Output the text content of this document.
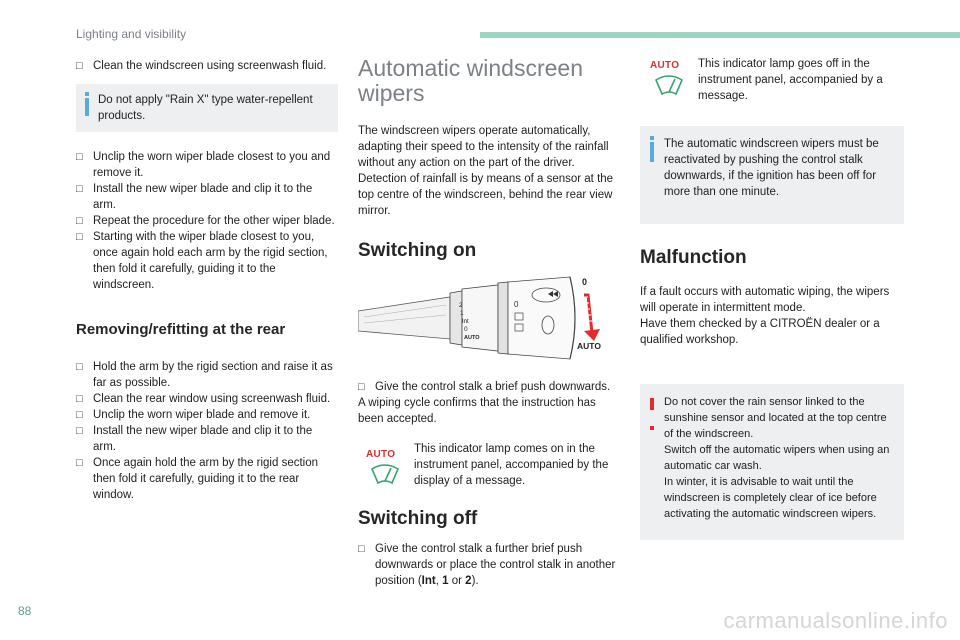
Lighting and visibility

□ Clean the windscreen using screenwash fluid.

Do not apply "Rain X" type water-repellent products.

□ Unclip the worn wiper blade closest to you and remove it.

□ Install the new wiper blade and clip it to the arm.

□ Repeat the procedure for the other wiper blade.

□ Starting with the wiper blade closest to you, once again hold each arm by the rigid section, then fold it carefully, guiding it to the windscreen.

Removing/refitting at the rear

□ Hold the arm by the rigid section and raise it as far as possible.

□ Clean the rear window using screenwash fluid.

□ Unclip the worn wiper blade and remove it.

□ Install the new wiper blade and clip it to the arm.

□ Once again hold the arm by the rigid section then fold it carefully, guiding it to the rear window.

Automatic windscreen wipers

The windscreen wipers operate automatically, adapting their speed to the intensity of the rainfall without any action on the part of the driver.

Detection of rainfall is by means of a sensor at the top centre of the windscreen, behind the rear view mirror.

Switching on
2
1
Int
0
AUTO
0
0
AUTO

□ Give the control stalk a brief push downwards.

A wiping cycle confirms that the instruction has been accepted.

AUTO	This indicator lamp comes on in the instrument panel, accompanied by the display of a message.

Switching off

□ Give the control stalk a further brief push downwards or place the control stalk in another position (Int, 1 or 2).

AUTO	This indicator lamp goes off in the instrument panel, accompanied by a message.

The automatic windscreen wipers must be reactivated by pushing the control stalk downwards, if the ignition has been off for more than one minute.

Malfunction

If a fault occurs with automatic wiping, the wipers will operate in intermittent mode.

Have them checked by a CITROËN dealer or a qualified workshop.

Do not cover the rain sensor linked to the sunshine sensor and located at the top centre of the windscreen.

Switch off the automatic wipers when using an automatic car wash.

In winter, it is advisable to wait until the windscreen is completely clear of ice before activating the automatic windscreen wipers.

88	carmanualsonline.info
